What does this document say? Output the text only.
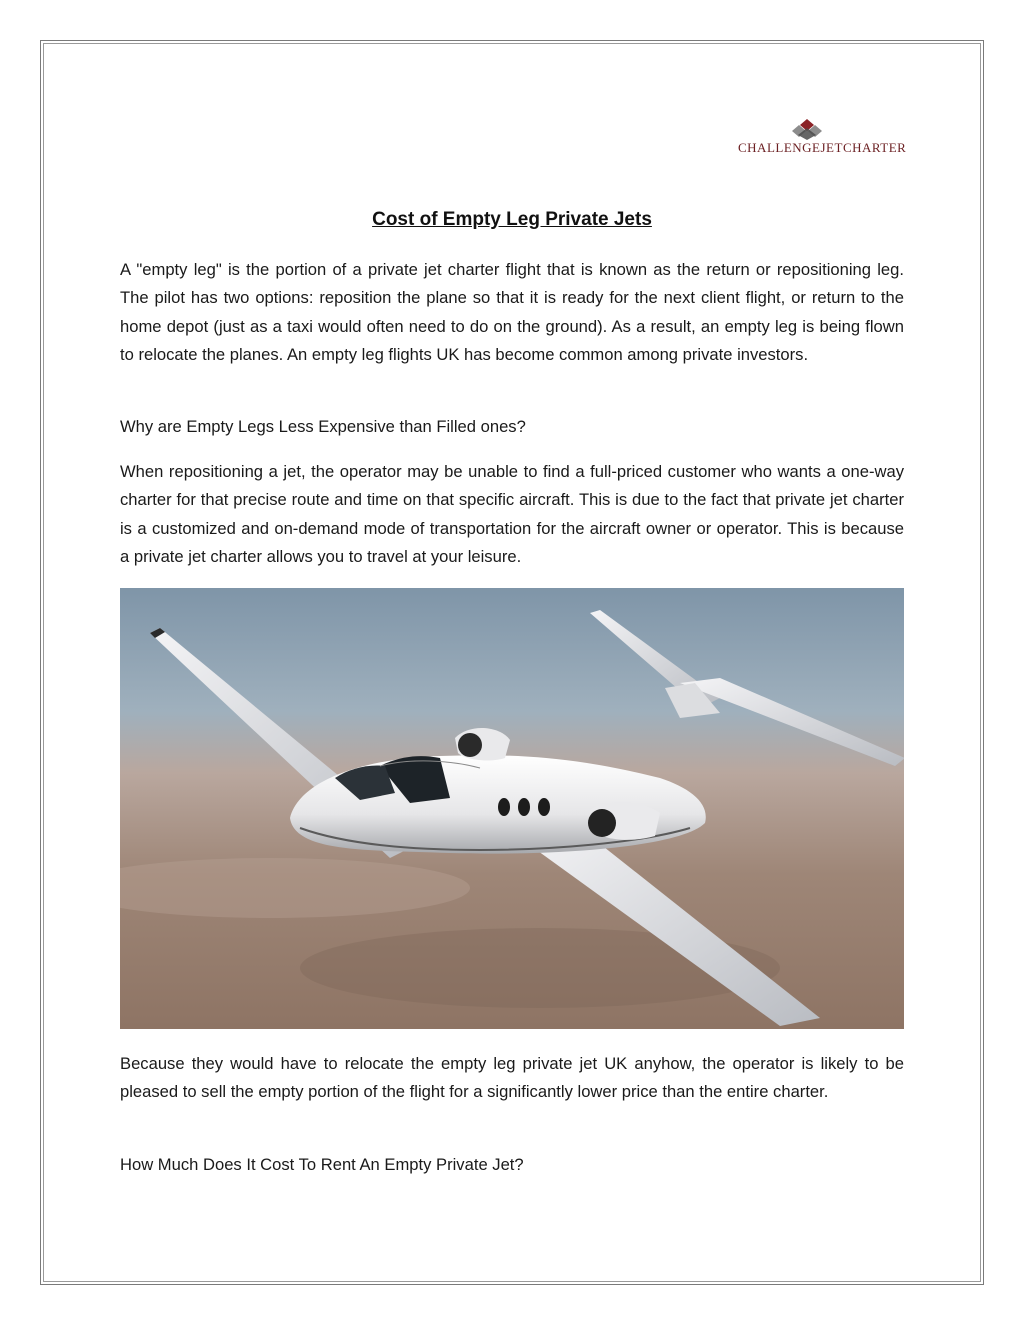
CHALLENGEJETCHARTER
Cost of Empty Leg Private Jets

A "empty leg" is the portion of a private jet charter flight that is known as the return or repositioning leg. The pilot has two options: reposition the plane so that it is ready for the next client flight, or return to the home depot (just as a taxi would often need to do on the ground). As a result, an empty leg is being flown to relocate the planes. An empty leg flights UK has become common among private investors.

Why are Empty Legs Less Expensive than Filled ones?

When repositioning a jet, the operator may be unable to find a full-priced customer who wants a one-way charter for that precise route and time on that specific aircraft. This is due to the fact that private jet charter is a customized and on-demand mode of transportation for the aircraft owner or operator. This is because a private jet charter allows you to travel at your leisure.

Because they would have to relocate the empty leg private jet UK anyhow, the operator is likely to be pleased to sell the empty portion of the flight for a significantly lower price than the entire charter.

How Much Does It Cost To Rent An Empty Private Jet?
